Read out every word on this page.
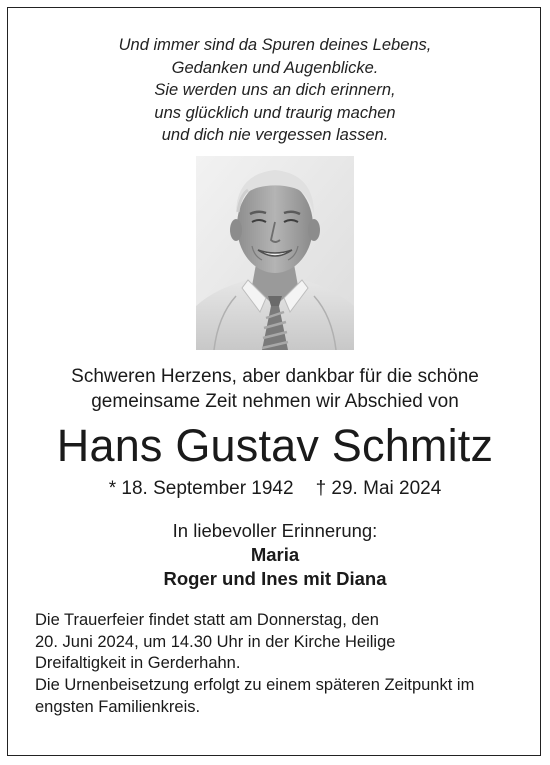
Und immer sind da Spuren deines Lebens,
Gedanken und Augenblicke.
Sie werden uns an dich erinnern,
uns glücklich und traurig machen
und dich nie vergessen lassen.
Schweren Herzens, aber dankbar für die schöne
gemeinsame Zeit nehmen wir Abschied von
Hans Gustav Schmitz
* 18. September 1942 † 29. Mai 2024
In liebevoller Erinnerung:
Maria
Roger und Ines mit Diana
Die Trauerfeier findet statt am Donnerstag, den
20. Juni 2024, um 14.30 Uhr in der Kirche Heilige
Dreifaltigkeit in Gerderhahn.
Die Urnenbeisetzung erfolgt zu einem späteren Zeitpunkt im
engsten Familienkreis.
